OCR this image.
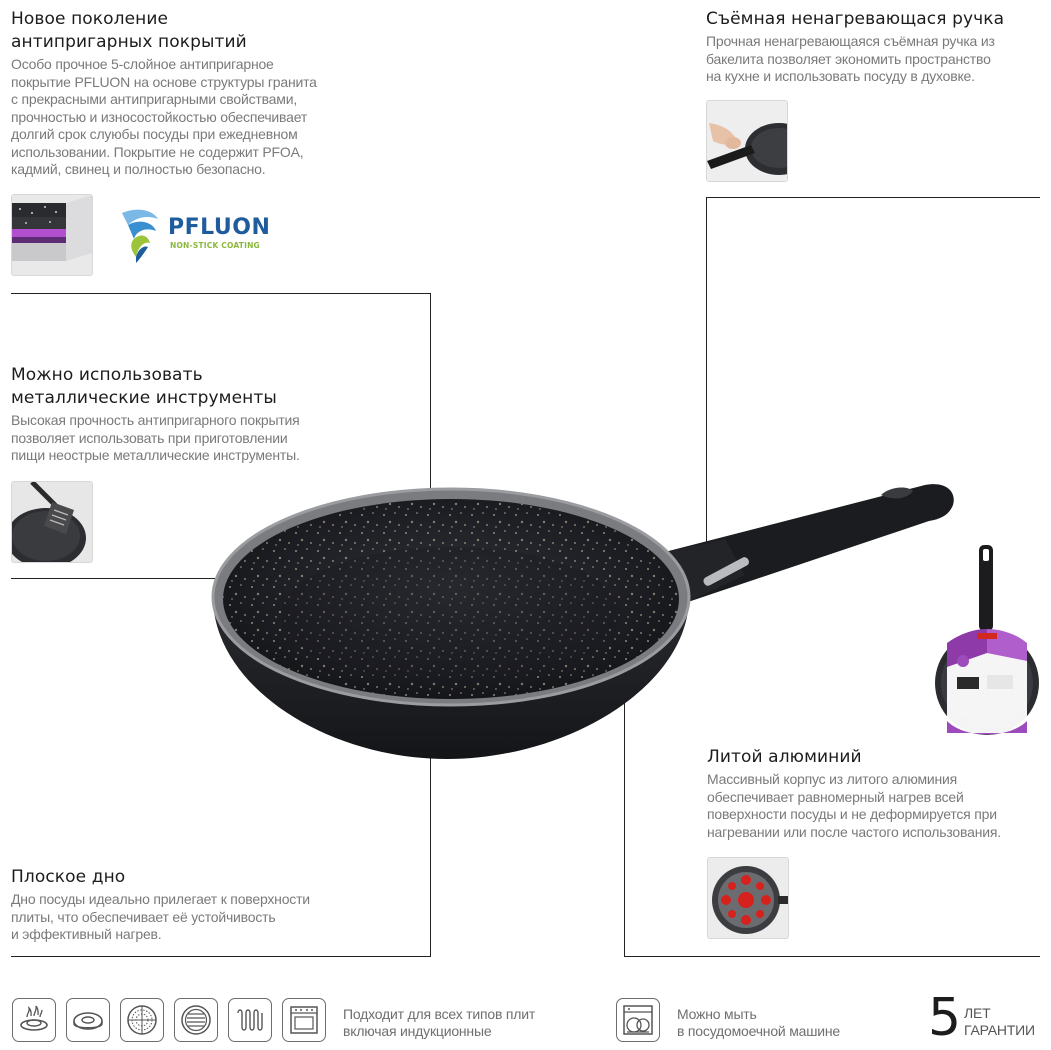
Новое поколение
антипригарных покрытий
Особо прочное 5-слойное антипригарное
покрытие PFLUON на основе структуры гранита
с прекрасными антипригарными свойствами,
прочностью и износостойкостью обеспечивает
долгий срок слуюбы посуды при ежедневном
использовании. Покрытие не содержит PFOA,
кадмий, свинец и полностью безопасно.
PFLUON
NON-STICK COATING
Можно использовать
металлические инструменты
Высокая прочность антипригарного покрытия
позволяет использовать при приготовлении
пищи неострые металлические инструменты.
Плоское дно
Дно посуды идеально прилегает к поверхности
плиты, что обеспечивает её устойчивость
и эффективный нагрев.
Съёмная ненагревающася ручка
Прочная ненагревающаяся съёмная ручка из
бакелита позволяет экономить пространство
на кухне и использовать посуду в духовке.
Литой алюминий
Массивный корпус из литого алюминия
обеспечивает равномерный нагрев всей
поверхности посуды и не деформируется при
нагревании или после частого использования.
Подходит для всех типов плит
включая индукционные
Можно мыть
в посудомоечной машине 5 ЛЕТ
ГАРАНТИИ
